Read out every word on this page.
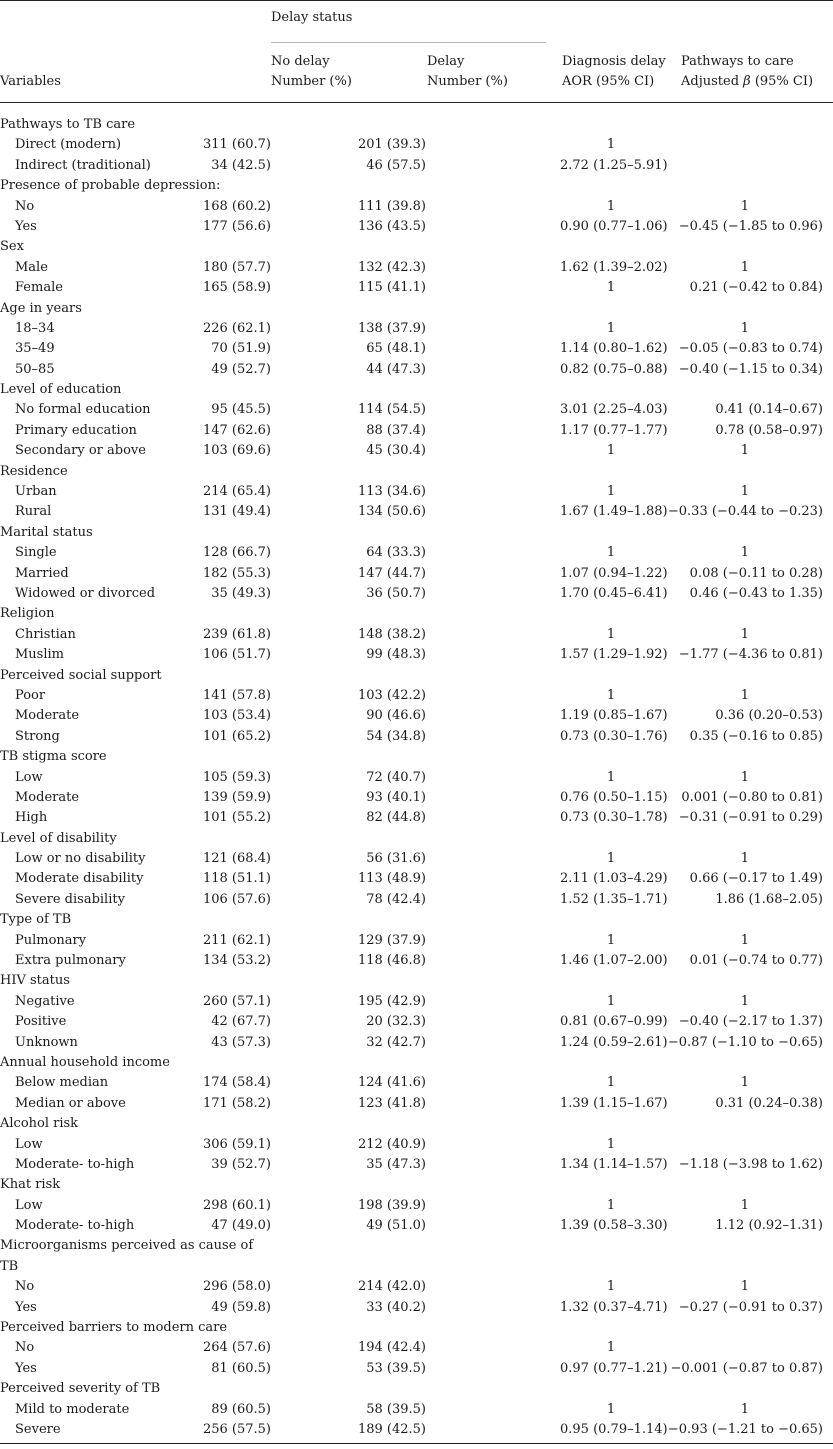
Delay status
Variables
No delay
Number (%)
Delay
Number (%)
Diagnosis delay
AOR (95% CI)
Pathways to care
Adjusted β (95% CI)
Pathways to TB care
Direct (modern)	311 (60.7)	201 (39.3)	1
Indirect (traditional)	34 (42.5)	46 (57.5)	2.72 (1.25–5.91)
Presence of probable depression:
No	168 (60.2)	111 (39.8)	1	1
Yes	177 (56.6)	136 (43.5)	0.90 (0.77–1.06) −0.45 (−1.85 to 0.96)
Sex
Male	180 (57.7)	132 (42.3)	1.62 (1.39–2.02)	1
Female	165 (58.9)	115 (41.1)	1	0.21 (−0.42 to 0.84)
Age in years
18–34	226 (62.1)	138 (37.9)	1	1
35–49	70 (51.9)	65 (48.1)	1.14 (0.80–1.62) −0.05 (−0.83 to 0.74)
50–85	49 (52.7)	44 (47.3)	0.82 (0.75–0.88) −0.40 (−1.15 to 0.34)
Level of education
No formal education	95 (45.5)	114 (54.5)	3.01 (2.25–4.03)	0.41 (0.14–0.67)
Primary education	147 (62.6)	88 (37.4)	1.17 (0.77–1.77)	0.78 (0.58–0.97)
Secondary or above	103 (69.6)	45 (30.4)	1	1
Residence
Urban	214 (65.4)	113 (34.6)	1	1
Rural	131 (49.4)	134 (50.6)	1.67 (1.49–1.88) −0.33 (−0.44 to −0.23)
Marital status
Single	128 (66.7)	64 (33.3)	1	1
Married	182 (55.3)	147 (44.7)	1.07 (0.94–1.22) 0.08 (−0.11 to 0.28)
Widowed or divorced	35 (49.3)	36 (50.7)	1.70 (0.45–6.41) 0.46 (−0.43 to 1.35)
Religion
Christian	239 (61.8)	148 (38.2)	1	1
Muslim	106 (51.7)	99 (48.3)	1.57 (1.29–1.92) −1.77 (−4.36 to 0.81)
Perceived social support
Poor	141 (57.8)	103 (42.2)	1	1
Moderate	103 (53.4)	90 (46.6)	1.19 (0.85–1.67)	0.36 (0.20–0.53)
Strong	101 (65.2)	54 (34.8)	0.73 (0.30–1.76) 0.35 (−0.16 to 0.85)
TB stigma score
Low	105 (59.3)	72 (40.7)	1	1
Moderate	139 (59.9)	93 (40.1)	0.76 (0.50–1.15) 0.001 (−0.80 to 0.81)
High	101 (55.2)	82 (44.8)	0.73 (0.30–1.78) −0.31 (−0.91 to 0.29)
Level of disability
Low or no disability	121 (68.4)	56 (31.6)	1	1
Moderate disability	118 (51.1)	113 (48.9)	2.11 (1.03–4.29) 0.66 (−0.17 to 1.49)
Severe disability	106 (57.6)	78 (42.4)	1.52 (1.35–1.71)	1.86 (1.68–2.05)
Type of TB
Pulmonary	211 (62.1)	129 (37.9)	1	1
Extra pulmonary	134 (53.2)	118 (46.8)	1.46 (1.07–2.00) 0.01 (−0.74 to 0.77)
HIV status
Negative	260 (57.1)	195 (42.9)	1	1
Positive	42 (67.7)	20 (32.3)	0.81 (0.67–0.99) −0.40 (−2.17 to 1.37)
Unknown	43 (57.3)	32 (42.7)	1.24 (0.59–2.61) −0.87 (−1.10 to −0.65)
Annual household income
Below median	174 (58.4)	124 (41.6)	1	1
Median or above	171 (58.2)	123 (41.8)	1.39 (1.15–1.67)	0.31 (0.24–0.38)
Alcohol risk
Low	306 (59.1)	212 (40.9)	1
Moderate- to-high	39 (52.7)	35 (47.3)	1.34 (1.14–1.57) −1.18 (−3.98 to 1.62)
Khat risk
Low	298 (60.1)	198 (39.9)	1	1
Moderate- to-high	47 (49.0)	49 (51.0)	1.39 (0.58–3.30)	1.12 (0.92–1.31)
Microorganisms perceived as cause of
TB
No	296 (58.0)	214 (42.0)	1	1
Yes	49 (59.8)	33 (40.2)	1.32 (0.37–4.71) −0.27 (−0.91 to 0.37)
Perceived barriers to modern care
No	264 (57.6)	194 (42.4)	1
Yes	81 (60.5)	53 (39.5)	0.97 (0.77–1.21) −0.001 (−0.87 to 0.87)
Perceived severity of TB
Mild to moderate	89 (60.5)	58 (39.5)	1	1
Severe	256 (57.5)	189 (42.5)	0.95 (0.79–1.14) −0.93 (−1.21 to −0.65)
